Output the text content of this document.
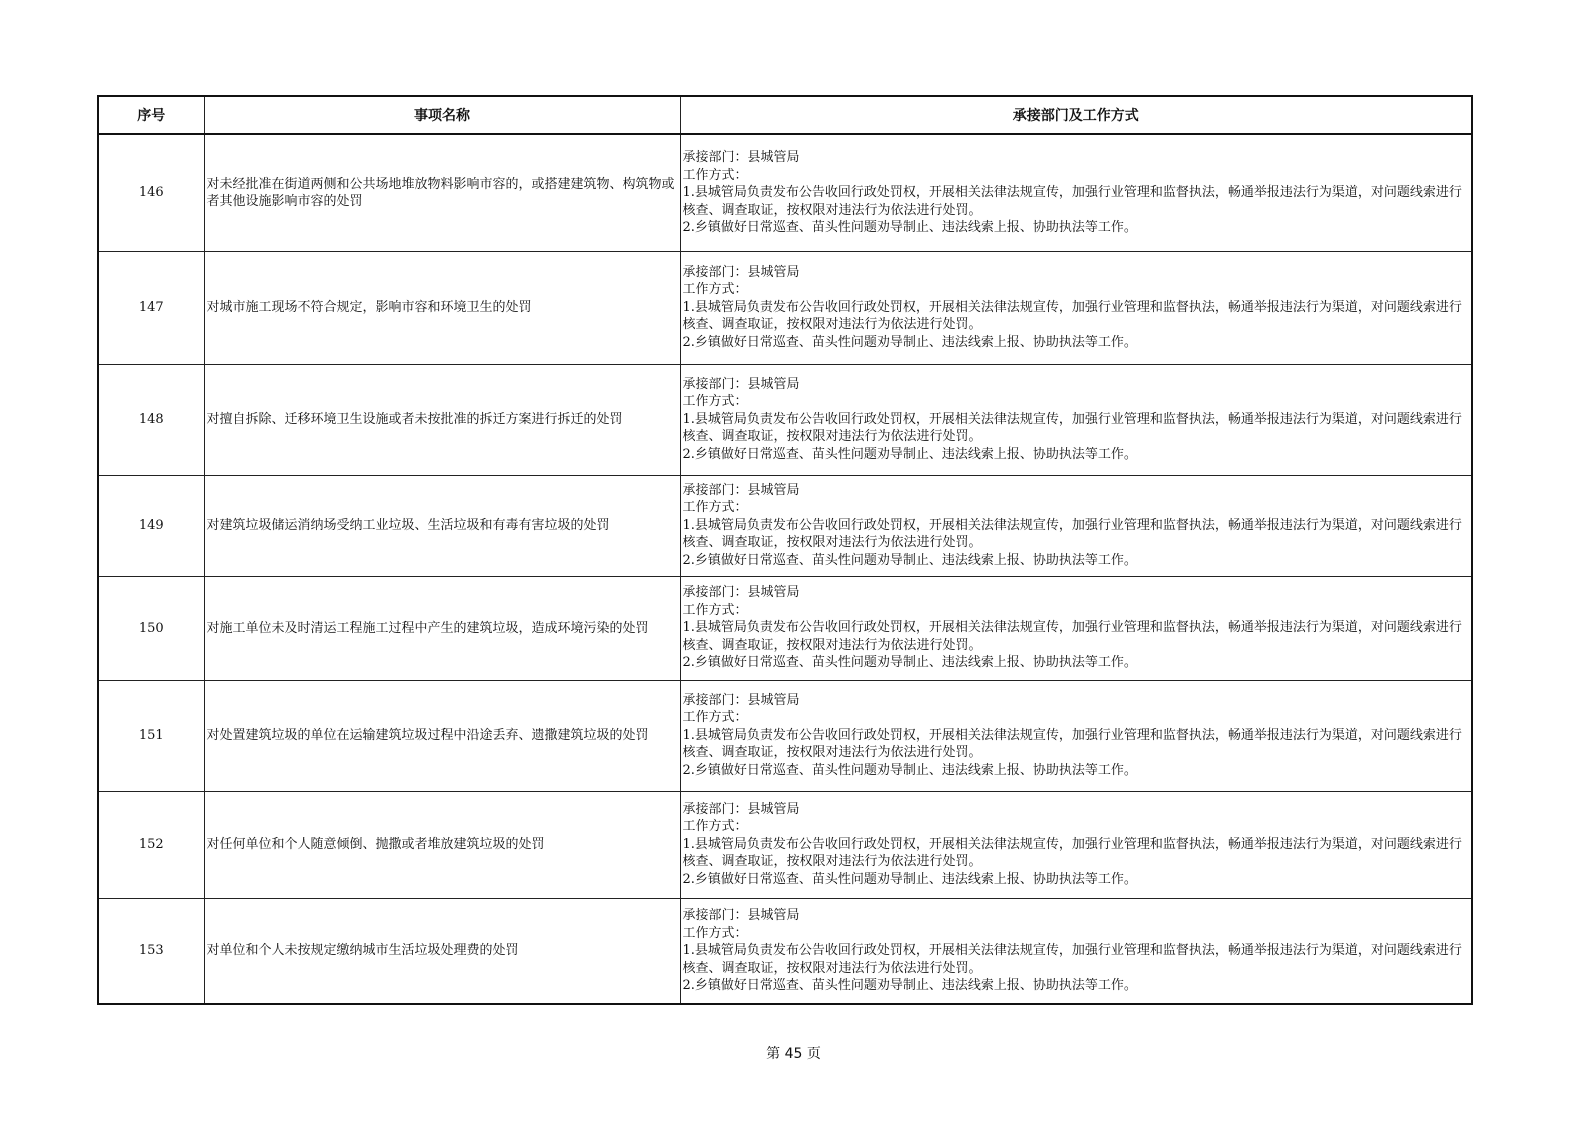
序号	事项名称	承接部门及工作方式
146	对未经批准在街道两侧和公共场地堆放物料影响市容的，或搭建建筑物、构筑物或者其他设施影响市容的处罚	承接部门：县城管局
工作方式：
1.县城管局负责发布公告收回行政处罚权，开展相关法律法规宣传，加强行业管理和监督执法，畅通举报违法行为渠道，对问题线索进行核查、调查取证，按权限对违法行为依法进行处罚。
2.乡镇做好日常巡查、苗头性问题劝导制止、违法线索上报、协助执法等工作。

147	对城市施工现场不符合规定，影响市容和环境卫生的处罚	承接部门：县城管局
工作方式：
1.县城管局负责发布公告收回行政处罚权，开展相关法律法规宣传，加强行业管理和监督执法，畅通举报违法行为渠道，对问题线索进行核查、调查取证，按权限对违法行为依法进行处罚。
2.乡镇做好日常巡查、苗头性问题劝导制止、违法线索上报、协助执法等工作。

148	对擅自拆除、迁移环境卫生设施或者未按批准的拆迁方案进行拆迁的处罚	承接部门：县城管局
工作方式：
1.县城管局负责发布公告收回行政处罚权，开展相关法律法规宣传，加强行业管理和监督执法，畅通举报违法行为渠道，对问题线索进行核查、调查取证，按权限对违法行为依法进行处罚。
2.乡镇做好日常巡查、苗头性问题劝导制止、违法线索上报、协助执法等工作。

149	对建筑垃圾储运消纳场受纳工业垃圾、生活垃圾和有毒有害垃圾的处罚	承接部门：县城管局
工作方式：
1.县城管局负责发布公告收回行政处罚权，开展相关法律法规宣传，加强行业管理和监督执法，畅通举报违法行为渠道，对问题线索进行核查、调查取证，按权限对违法行为依法进行处罚。
2.乡镇做好日常巡查、苗头性问题劝导制止、违法线索上报、协助执法等工作。

150	对施工单位未及时清运工程施工过程中产生的建筑垃圾，造成环境污染的处罚	承接部门：县城管局
工作方式：
1.县城管局负责发布公告收回行政处罚权，开展相关法律法规宣传，加强行业管理和监督执法，畅通举报违法行为渠道，对问题线索进行核查、调查取证，按权限对违法行为依法进行处罚。
2.乡镇做好日常巡查、苗头性问题劝导制止、违法线索上报、协助执法等工作。

151	对处置建筑垃圾的单位在运输建筑垃圾过程中沿途丢弃、遗撒建筑垃圾的处罚	承接部门：县城管局
工作方式：
1.县城管局负责发布公告收回行政处罚权，开展相关法律法规宣传，加强行业管理和监督执法，畅通举报违法行为渠道，对问题线索进行核查、调查取证，按权限对违法行为依法进行处罚。
2.乡镇做好日常巡查、苗头性问题劝导制止、违法线索上报、协助执法等工作。

152	对任何单位和个人随意倾倒、抛撒或者堆放建筑垃圾的处罚	承接部门：县城管局
工作方式：
1.县城管局负责发布公告收回行政处罚权，开展相关法律法规宣传，加强行业管理和监督执法，畅通举报违法行为渠道，对问题线索进行核查、调查取证，按权限对违法行为依法进行处罚。
2.乡镇做好日常巡查、苗头性问题劝导制止、违法线索上报、协助执法等工作。

153	对单位和个人未按规定缴纳城市生活垃圾处理费的处罚	承接部门：县城管局
工作方式：
1.县城管局负责发布公告收回行政处罚权，开展相关法律法规宣传，加强行业管理和监督执法，畅通举报违法行为渠道，对问题线索进行核查、调查取证，按权限对违法行为依法进行处罚。
2.乡镇做好日常巡查、苗头性问题劝导制止、违法线索上报、协助执法等工作。
第 45 页
